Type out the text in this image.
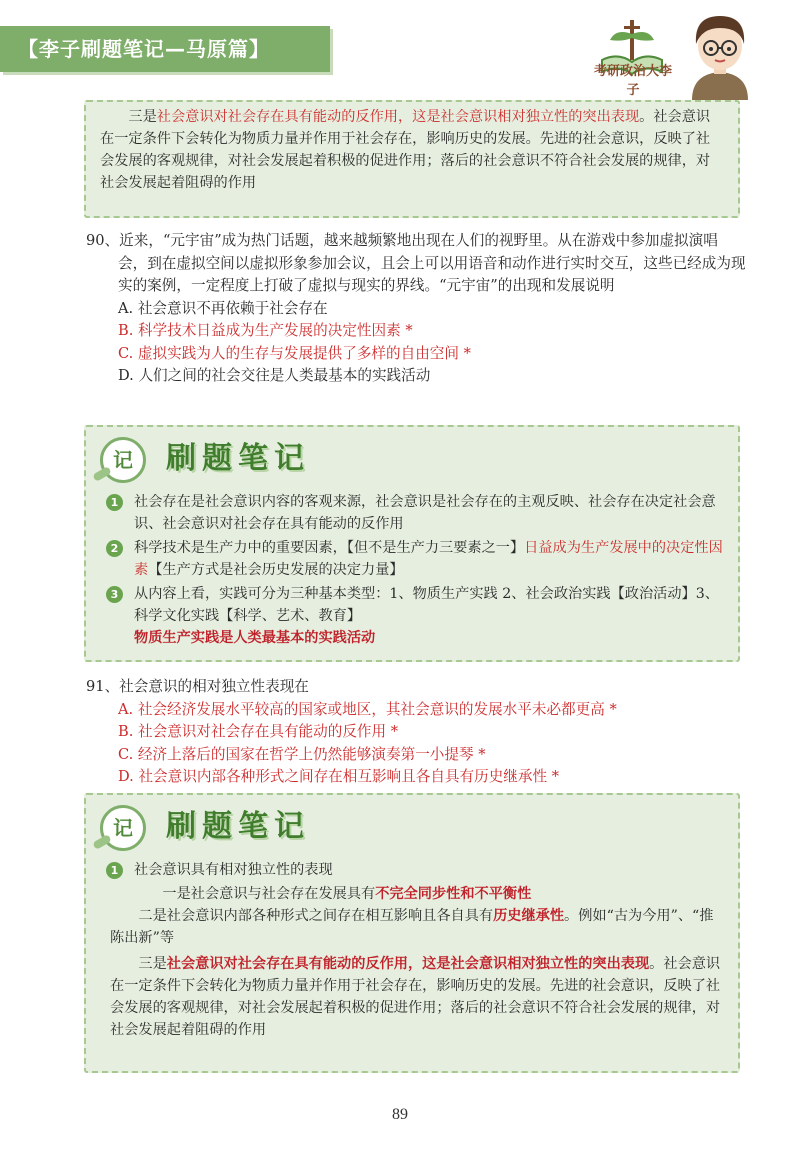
【李子刷题笔记—马原篇】
考研政治大李子

三是社会意识对社会存在具有能动的反作用，这是社会意识相对独立性的突出表现。社会意识在一定条件下会转化为物质力量并作用于社会存在，影响历史的发展。先进的社会意识，反映了社会发展的客观规律，对社会发展起着积极的促进作用；落后的社会意识不符合社会发展的规律，对社会发展起着阻碍的作用

90、近来，“元宇宙”成为热门话题，越来越频繁地出现在人们的视野里。从在游戏中参加虚拟演唱会，到在虚拟空间以虚拟形象参加会议，且会上可以用语音和动作进行实时交互，这些已经成为现实的案例，一定程度上打破了虚拟与现实的界线。“元宇宙”的出现和发展说明

A. 社会意识不再依赖于社会存在

B. 科学技术日益成为生产发展的决定性因素 *

C. 虚拟实践为人的生存与发展提供了多样的自由空间 *

D. 人们之间的社会交往是人类最基本的实践活动

记	刷题笔记
1	社会存在是社会意识内容的客观来源，社会意识是社会存在的主观反映、社会存在决定社会意识、社会意识对社会存在具有能动的反作用
2	科学技术是生产力中的重要因素，【但不是生产力三要素之一】日益成为生产发展中的决定性因素【生产方式是社会历史发展的决定力量】
3	从内容上看，实践可分为三种基本类型：1、物质生产实践 2、社会政治实践【政治活动】3、科学文化实践【科学、艺术、教育】
物质生产实践是人类最基本的实践活动

91、社会意识的相对独立性表现在

A. 社会经济发展水平较高的国家或地区，其社会意识的发展水平未必都更高 *

B. 社会意识对社会存在具有能动的反作用 *

C. 经济上落后的国家在哲学上仍然能够演奏第一小提琴 *

D. 社会意识内部各种形式之间存在相互影响且各自具有历史继承性 *

记	刷题笔记
1	社会意识具有相对独立性的表现

一是社会意识与社会存在发展具有不完全同步性和不平衡性

二是社会意识内部各种形式之间存在相互影响且各自具有历史继承性。例如“古为今用”、“推陈出新”等

三是社会意识对社会存在具有能动的反作用，这是社会意识相对独立性的突出表现。社会意识在一定条件下会转化为物质力量并作用于社会存在，影响历史的发展。先进的社会意识，反映了社会发展的客观规律，对社会发展起着积极的促进作用；落后的社会意识不符合社会发展的规律，对社会发展起着阻碍的作用

89
